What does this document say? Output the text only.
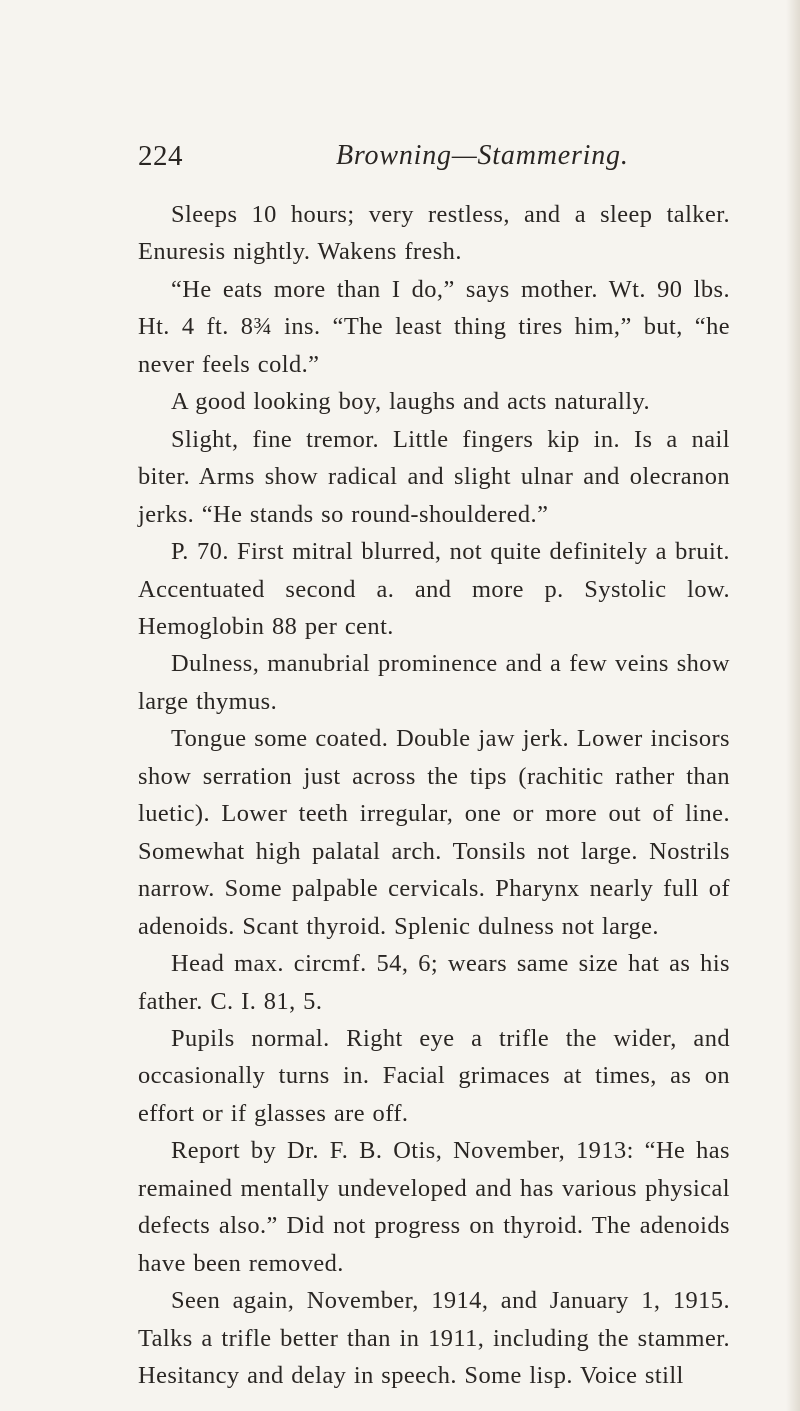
224	Browning—Stammering.

Sleeps 10 hours; very restless, and a sleep talker. Enuresis nightly. Wakens fresh.

“He eats more than I do,” says mother. Wt. 90 lbs. Ht. 4 ft. 8¾ ins. “The least thing tires him,” but, “he never feels cold.”

A good looking boy, laughs and acts naturally.

Slight, fine tremor. Little fingers kip in. Is a nail biter. Arms show radical and slight ulnar and olecranon jerks. “He stands so round-shouldered.”

P. 70. First mitral blurred, not quite definitely a bruit. Accentuated second a. and more p. Systolic low. Hemoglobin 88 per cent.

Dulness, manubrial prominence and a few veins show large thymus.

Tongue some coated. Double jaw jerk. Lower incisors show serration just across the tips (rachitic rather than luetic). Lower teeth irregular, one or more out of line. Somewhat high palatal arch. Tonsils not large. Nostrils narrow. Some palpable cervicals. Pharynx nearly full of adenoids. Scant thyroid. Splenic dulness not large.

Head max. circmf. 54, 6; wears same size hat as his father. C. I. 81, 5.

Pupils normal. Right eye a trifle the wider, and occasionally turns in. Facial grimaces at times, as on effort or if glasses are off.

Report by Dr. F. B. Otis, November, 1913: “He has remained mentally undeveloped and has various physical defects also.” Did not progress on thyroid. The adenoids have been removed.

Seen again, November, 1914, and January 1, 1915. Talks a trifle better than in 1911, including the stammer. Hesitancy and delay in speech. Some lisp. Voice still
